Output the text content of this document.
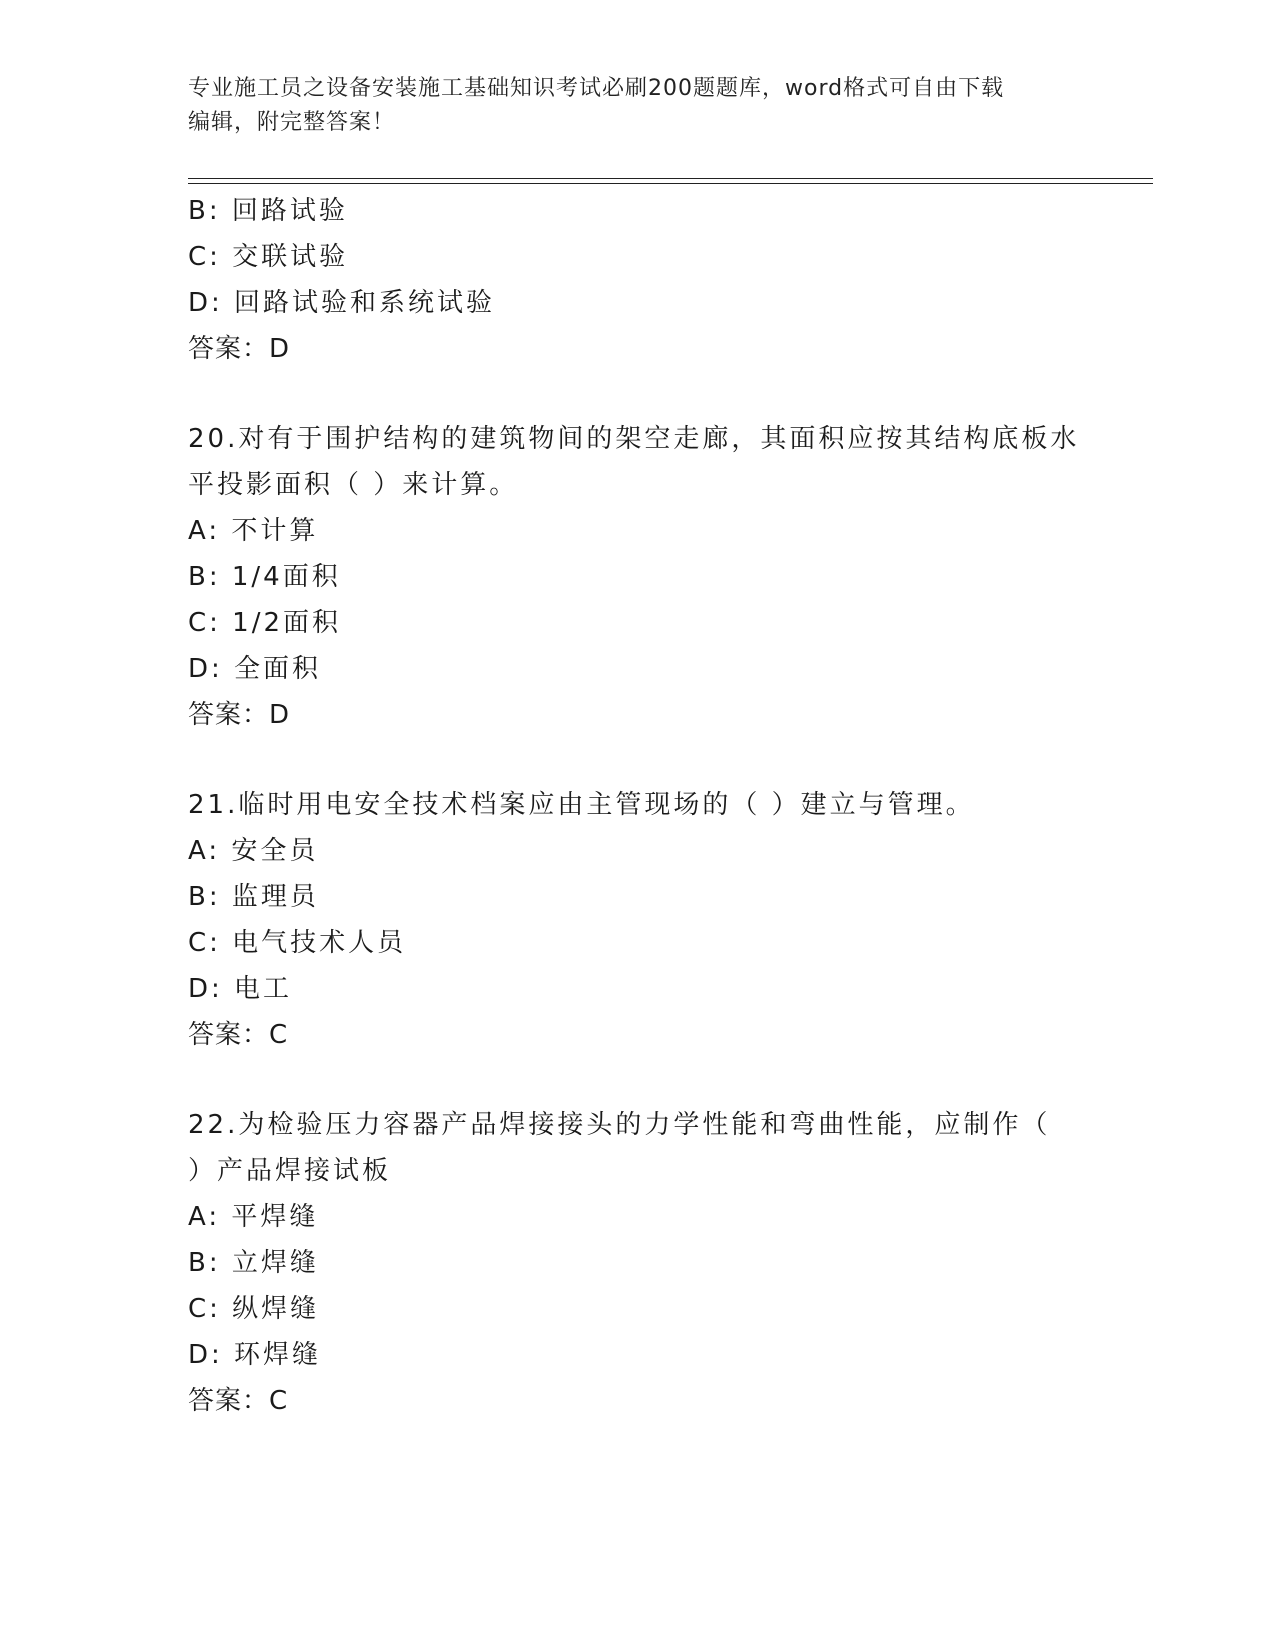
专业施工员之设备安装施工基础知识考试必刷200题题库，word格式可自由下载
编辑，附完整答案！
B: 回路试验
C: 交联试验
D: 回路试验和系统试验
答案：D
20.对有于围护结构的建筑物间的架空走廊，其面积应按其结构底板水
平投影面积（ ）来计算。
A: 不计算
B: 1/4面积
C: 1/2面积
D: 全面积
答案：D
21.临时用电安全技术档案应由主管现场的（ ）建立与管理。
A: 安全员
B: 监理员
C: 电气技术人员
D: 电工
答案：C
22.为检验压力容器产品焊接接头的力学性能和弯曲性能，应制作（
）产品焊接试板
A: 平焊缝
B: 立焊缝
C: 纵焊缝
D: 环焊缝
答案：C
